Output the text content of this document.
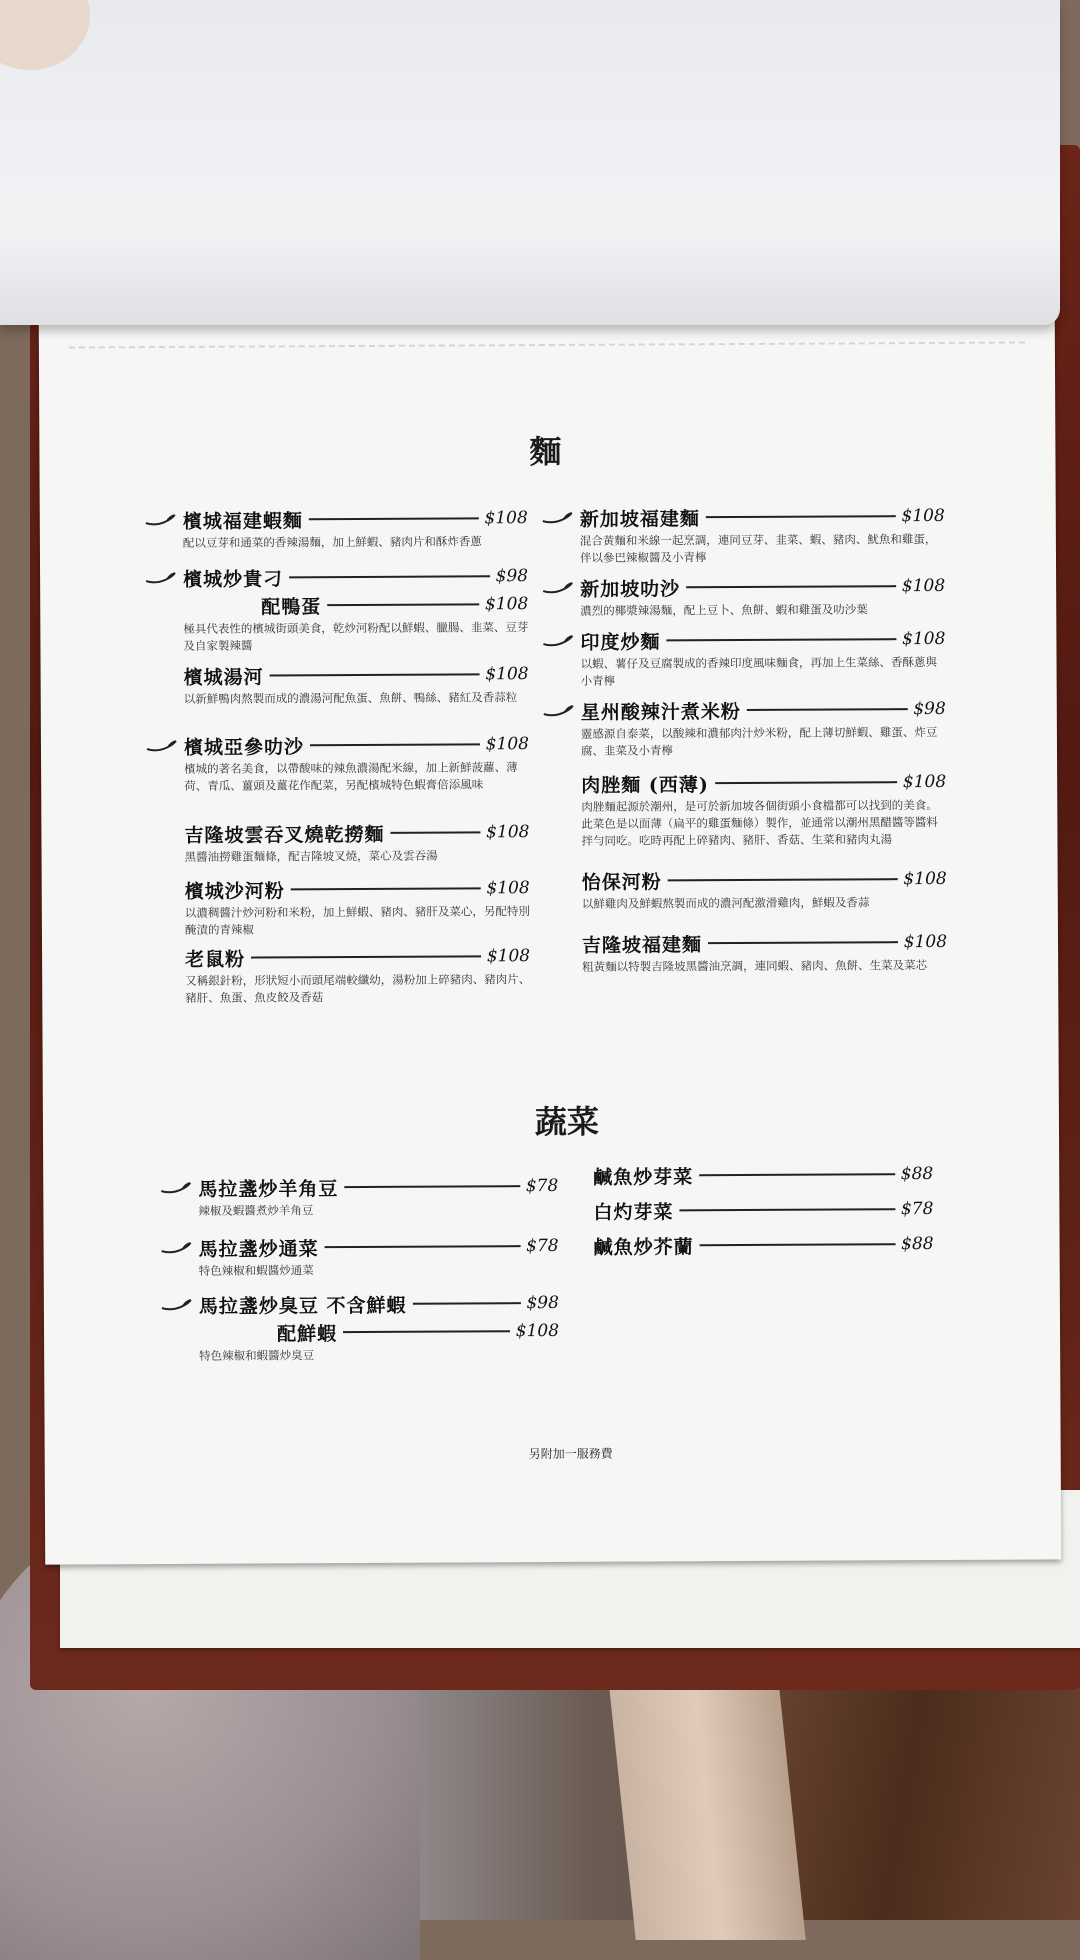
麵
檳城福建蝦麵	$108
配以豆芽和通菜的香辣湯麵，加上鮮蝦、豬肉片和酥炸香蔥
檳城炒貴刁	$98
配鴨蛋	$108
極具代表性的檳城街頭美食，乾炒河粉配以鮮蝦、臘腸、韭菜、豆芽及自家製辣醬
檳城湯河	$108
以新鮮鴨肉熬製而成的濃湯河配魚蛋、魚餅、鴨絲、豬紅及香蒜粒
檳城亞參叻沙	$108
檳城的著名美食，以帶酸味的辣魚濃湯配米線，加上新鮮菠蘿、薄荷、青瓜、薑頭及薑花作配菜，另配檳城特色蝦膏倍添風味
吉隆坡雲吞叉燒乾撈麵	$108
黑醬油撈雞蛋麵條，配吉隆坡叉燒，菜心及雲吞湯
檳城沙河粉	$108
以濃稠醬汁炒河粉和米粉，加上鮮蝦、豬肉、豬肝及菜心，另配特別醃漬的青辣椒
老鼠粉	$108
又稱銀針粉，形狀短小而頭尾端較纖幼，湯粉加上碎豬肉、豬肉片、豬肝、魚蛋、魚皮餃及香菇
新加坡福建麵	$108
混合黃麵和米線一起烹調，連同豆芽、韭菜、蝦、豬肉、魷魚和雞蛋，伴以參巴辣椒醬及小青檸
新加坡叻沙	$108
濃烈的椰漿辣湯麵，配上豆卜、魚餅、蝦和雞蛋及叻沙葉
印度炒麵	$108
以蝦、薯仔及豆腐製成的香辣印度風味麵食，再加上生菜絲、香酥蔥與小青檸
星州酸辣汁煮米粉	$98
靈感源自泰菜，以酸辣和濃郁肉汁炒米粉，配上薄切鮮蝦、雞蛋、炸豆腐、韭菜及小青檸
肉脞麵 (西薄)	$108
肉脞麵起源於潮州，是可於新加坡各個街頭小食檔都可以找到的美食。此菜色是以面薄（扁平的雞蛋麵條）製作，並通常以潮州黑醋醬等醬料拌勻同吃。吃時再配上碎豬肉、豬肝、香菇、生菜和豬肉丸湯
怡保河粉	$108
以鮮雞肉及鮮蝦熬製而成的濃河配激滑雞肉，鮮蝦及香蒜
吉隆坡福建麵	$108
粗黃麵以特製吉隆坡黑醬油烹調，連同蝦、豬肉、魚餅、生菜及菜芯
蔬菜
馬拉盞炒羊角豆	$78
辣椒及蝦醬煮炒羊角豆
馬拉盞炒通菜	$78
特色辣椒和蝦醬炒通菜
馬拉盞炒臭豆 不含鮮蝦	$98
配鮮蝦	$108
特色辣椒和蝦醬炒臭豆
鹹魚炒芽菜	$88
白灼芽菜	$78
鹹魚炒芥蘭	$88
另附加一服務費
